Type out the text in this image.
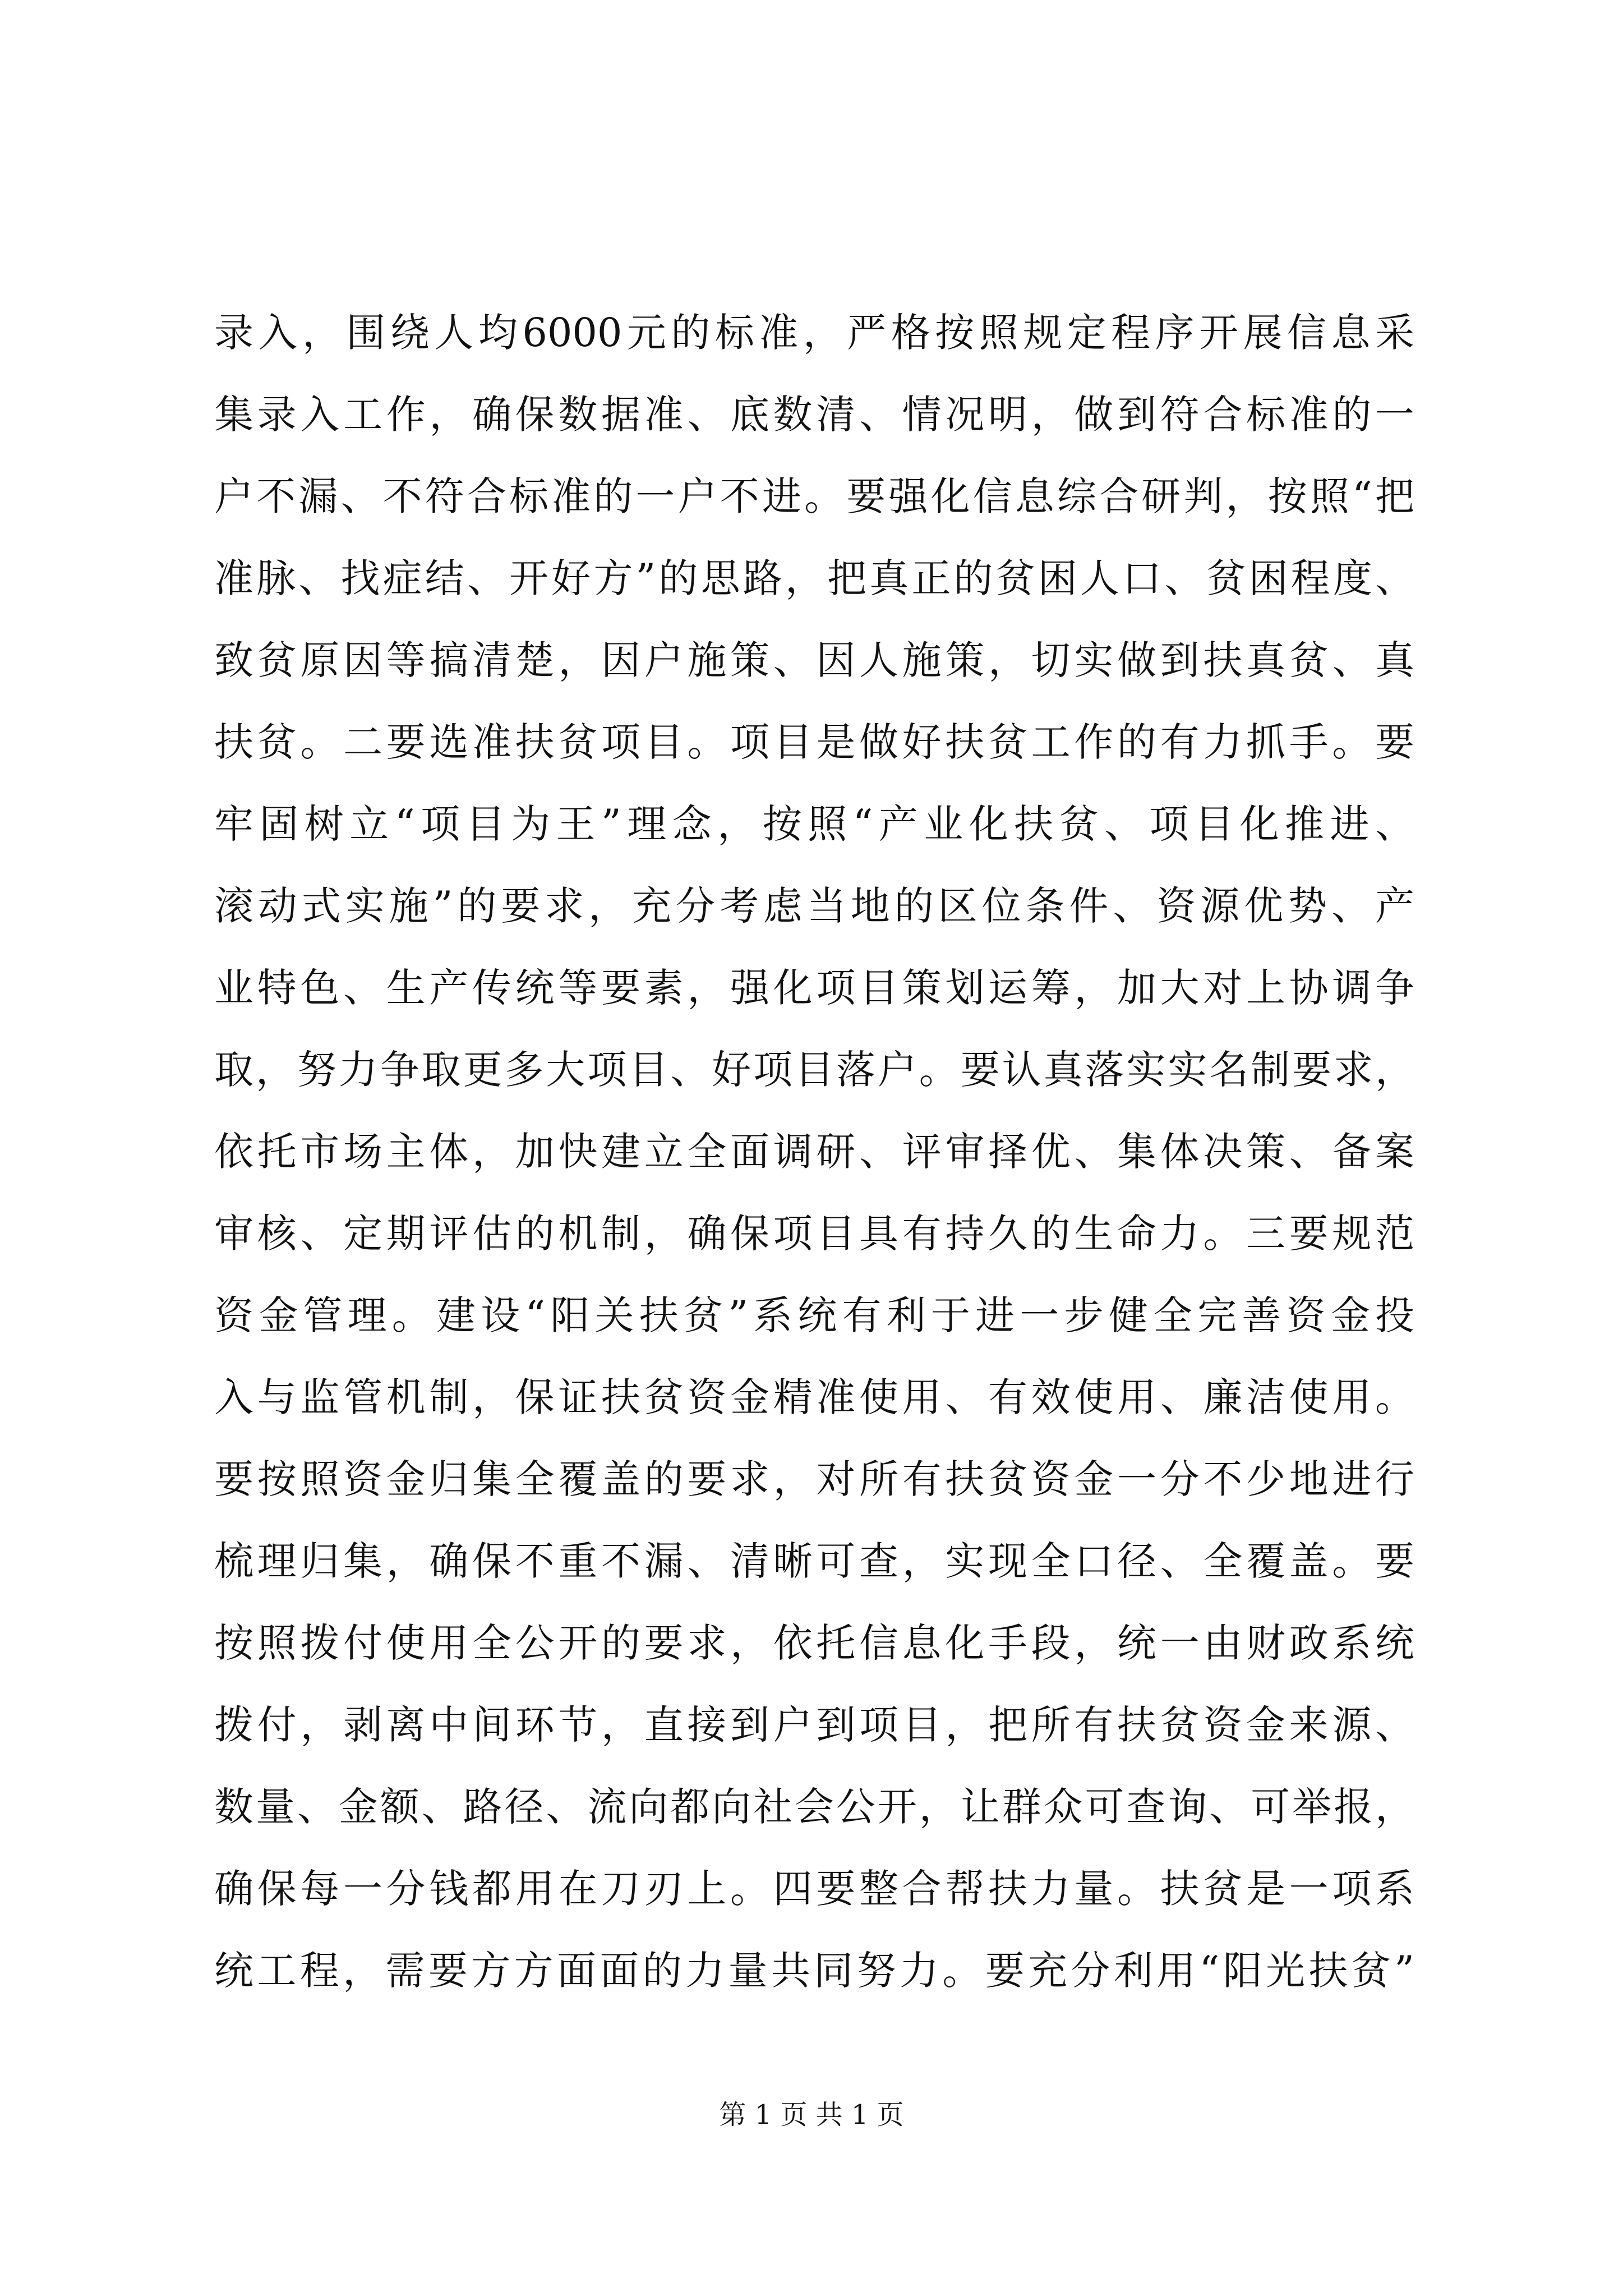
录入，围绕人均6000元的标准，严格按照规定程序开展信息采
集录入工作，确保数据准、底数清、情况明，做到符合标准的一
户不漏、不符合标准的一户不进。要强化信息综合研判，按照“把
准脉、找症结、开好方”的思路，把真正的贫困人口、贫困程度、
致贫原因等搞清楚，因户施策、因人施策，切实做到扶真贫、真
扶贫。二要选准扶贫项目。项目是做好扶贫工作的有力抓手。要
牢固树立“项目为王”理念，按照“产业化扶贫、项目化推进、
滚动式实施”的要求，充分考虑当地的区位条件、资源优势、产
业特色、生产传统等要素，强化项目策划运筹，加大对上协调争
取，努力争取更多大项目、好项目落户。要认真落实实名制要求，
依托市场主体，加快建立全面调研、评审择优、集体决策、备案
审核、定期评估的机制，确保项目具有持久的生命力。三要规范
资金管理。建设“阳关扶贫”系统有利于进一步健全完善资金投
入与监管机制，保证扶贫资金精准使用、有效使用、廉洁使用。
要按照资金归集全覆盖的要求，对所有扶贫资金一分不少地进行
梳理归集，确保不重不漏、清晰可查，实现全口径、全覆盖。要
按照拨付使用全公开的要求，依托信息化手段，统一由财政系统
拨付，剥离中间环节，直接到户到项目，把所有扶贫资金来源、
数量、金额、路径、流向都向社会公开，让群众可查询、可举报，
确保每一分钱都用在刀刃上。四要整合帮扶力量。扶贫是一项系
统工程，需要方方面面的力量共同努力。要充分利用“阳光扶贫”
第 1 页 共 1 页
